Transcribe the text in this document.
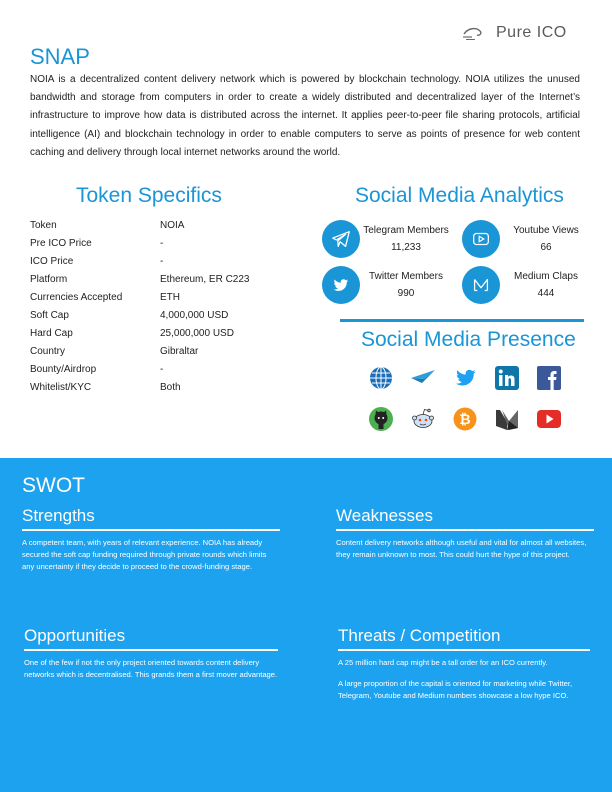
Pure ICO
SNAP

NOIA is a decentralized content delivery network which is powered by blockchain technology. NOIA utilizes the unused bandwidth and storage from computers in order to create a widely distributed and decentralized layer of the Internet’s infrastructure to improve how data is distributed across the internet. It applies peer-to-peer file sharing protocols, artificial intelligence (AI) and blockchain technology in order to enable computers to serve as points of presence for web content caching and delivery through local internet networks around the world.

Token Specifics
Token	NOIA
Pre ICO Price	-
ICO Price	-
Platform	Ethereum, ER C223
Currencies Accepted	ETH
Soft Cap	4,000,000 USD
Hard Cap	25,000,000 USD
Country	Gibraltar
Bounty/Airdrop	-
Whitelist/KYC	Both
Social Media Analytics
Telegram Members
11,233
Youtube Views
66
Twitter Members
990
Medium Claps
444
Social Media Presence
₿
SWOT
Strengths

A competent team, with years of relevant experience. NOIA has already secured the soft cap funding required through private rounds which limits any uncertainty if they decide to proceed to the crowd-funding stage.

Weaknesses

Content delivery networks although useful and vital for almost all websites, they remain unknown to most. This could hurt the hype of this project.

Opportunities

One of the few if not the only project oriented towards content delivery networks which is decentralised. This grands them a first mover advantage.

Threats / Competition

A 25 million hard cap might be a tall order for an ICO currently.

A large proportion of the capital is oriented for marketing while Twitter, Telegram, Youtube and Medium numbers showcase a low hype ICO.
